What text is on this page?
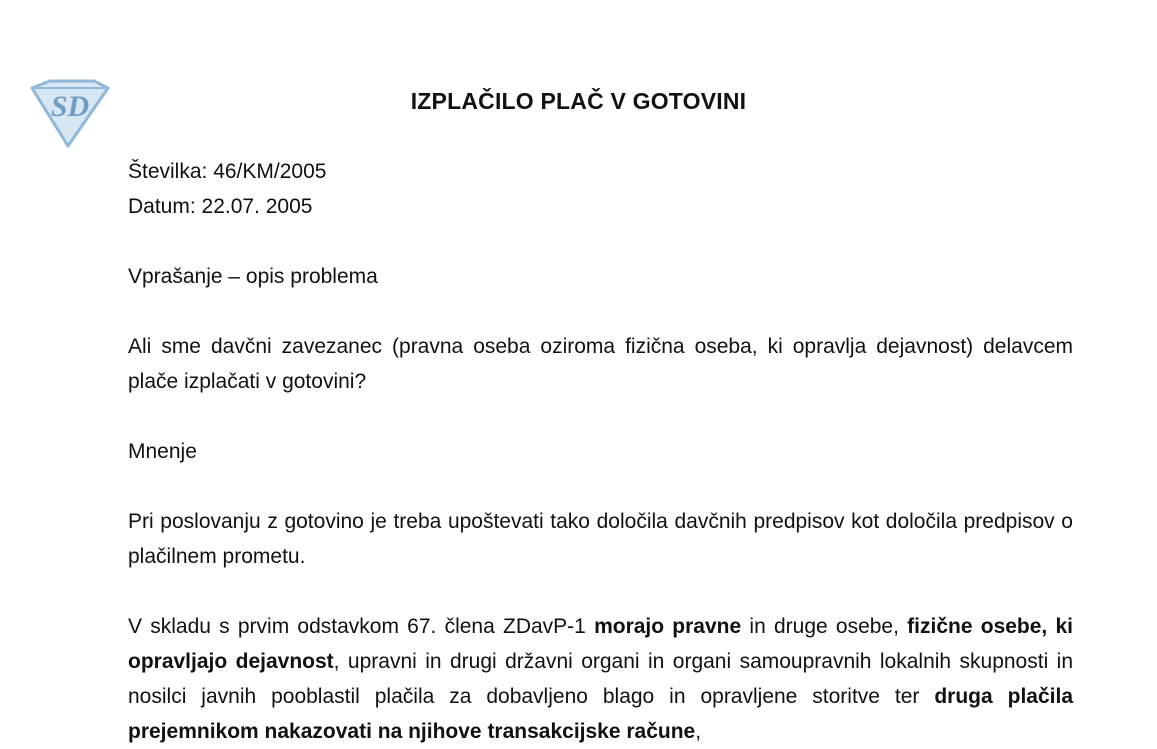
SD	IZPLAČILO PLAČ V GOTOVINI

Številka: 46/KM/2005

Datum: 22.07. 2005

Vprašanje – opis problema

Ali sme davčni zavezanec (pravna oseba oziroma fizična oseba, ki opravlja dejavnost) delavcem plače izplačati v gotovini?

Mnenje

Pri poslovanju z gotovino je treba upoštevati tako določila davčnih predpisov kot določila predpisov o plačilnem prometu.

V skladu s prvim odstavkom 67. člena ZDavP-1 morajo pravne in druge osebe, fizične osebe, ki opravljajo dejavnost, upravni in drugi državni organi in organi samoupravnih lokalnih skupnosti in nosilci javnih pooblastil plačila za dobavljeno blago in opravljene storitve ter druga plačila prejemnikom nakazovati na njihove transakcijske račune,
